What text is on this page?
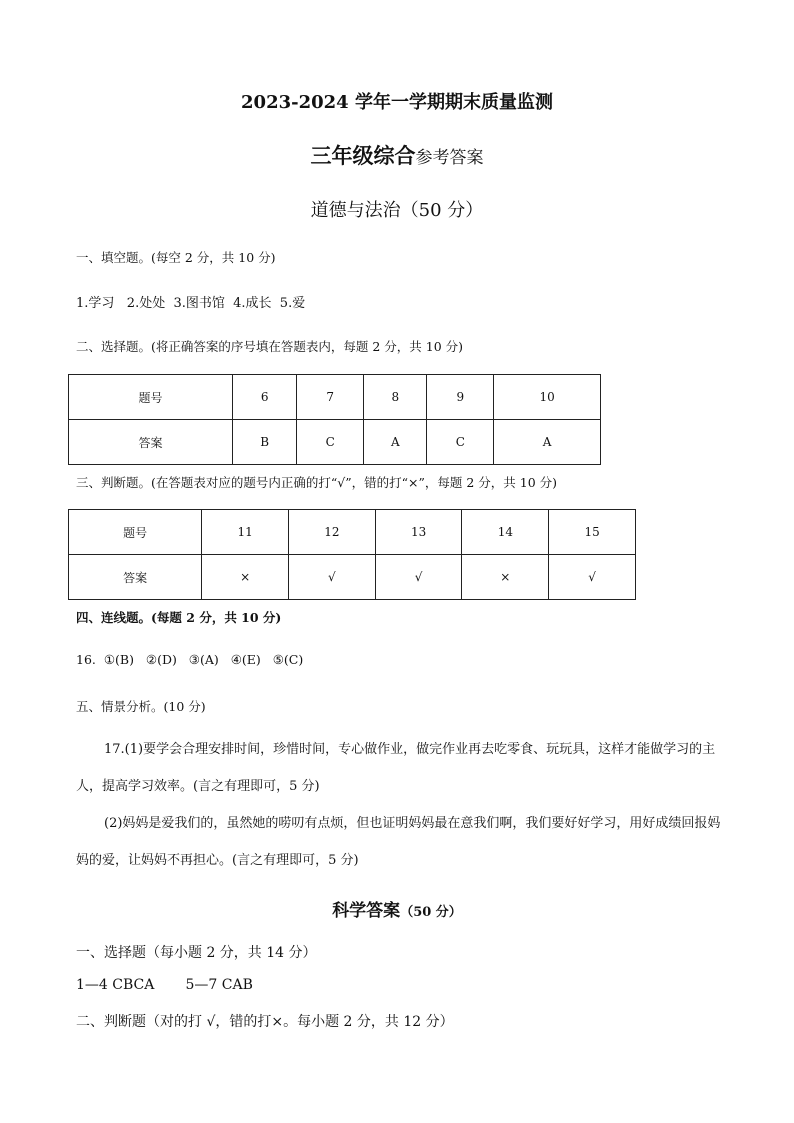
2023-2024 学年一学期期末质量监测
三年级综合参考答案
道德与法治（50 分）
一、填空题。(每空 2 分，共 10 分)
1.学习   2.处处  3.图书馆  4.成长  5.爱
二、选择题。(将正确答案的序号填在答题表内，每题 2 分，共 10 分)
题号	6	7	8	9	10
答案	B	C	A	C	A
三、判断题。(在答题表对应的题号内正确的打“√”，错的打“×”，每题 2 分，共 10 分)
题号	11	12	13	14	15
答案	×	√	√	×	√
四、连线题。(每题 2 分，共 10 分)
16.  ①(B)   ②(D)   ③(A)   ④(E)   ⑤(C)
五、情景分析。(10 分)
17.(1)要学会合理安排时间，珍惜时间，专心做作业，做完作业再去吃零食、玩玩具，这样才能做学习的主人，提高学习效率。(言之有理即可，5 分)
(2)妈妈是爱我们的，虽然她的唠叨有点烦，但也证明妈妈最在意我们啊，我们要好好学习，用好成绩回报妈妈的爱，让妈妈不再担心。(言之有理即可，5 分)
科学答案（50 分）
一、选择题（每小题 2 分，共 14 分）
1—4 CBCA       5—7 CAB
二、判断题（对的打 √，错的打×。每小题 2 分，共 12 分）
